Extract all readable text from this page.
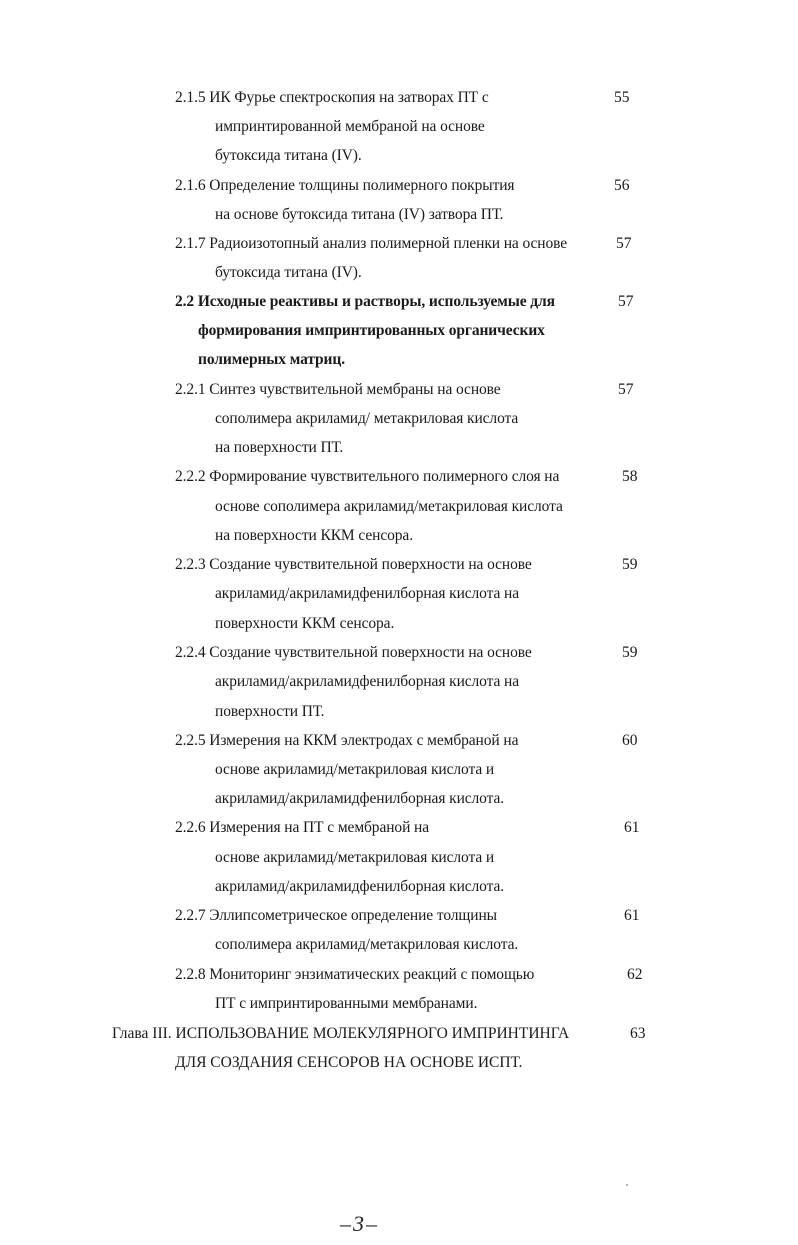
2.1.5 ИК Фурье спектроскопия на затворах ПТ с
импринтированной мембраной на основе
бутоксида титана (IV).
55
2.1.6 Определение толщины полимерного покрытия
на основе бутоксида титана (IV) затвора ПТ.
56
2.1.7 Радиоизотопный анализ полимерной пленки на основе
бутоксида титана (IV).
57
2.2 Исходные реактивы и растворы, используемые для
формирования импринтированных органических
полимерных матриц.
57
2.2.1 Синтез чувствительной мембраны на основе
сополимера акриламид/ метакриловая кислота
на поверхности ПТ.
57
2.2.2 Формирование чувствительного полимерного слоя на
основе сополимера акриламид/метакриловая кислота
на поверхности ККМ сенсора.
58
2.2.3 Создание чувствительной поверхности на основе
акриламид/акриламидфенилборная кислота на
поверхности ККМ сенсора.
59
2.2.4 Создание чувствительной поверхности на основе
акриламид/акриламидфенилборная кислота на
поверхности ПТ.
59
2.2.5 Измерения на ККМ электродах с мембраной на
основе акриламид/метакриловая кислота и
акриламид/акриламидфенилборная кислота.
60
2.2.6 Измерения на ПТ с мембраной на
основе акриламид/метакриловая кислота и
акриламид/акриламидфенилборная кислота.
61
2.2.7 Эллипсометрическое определение толщины
сополимера акриламид/метакриловая кислота.
61
2.2.8 Мониторинг энзиматических реакций с помощью
ПТ с импринтированными мембранами.
62
Глава III. ИСПОЛЬЗОВАНИЕ МОЛЕКУЛЯРНОГО ИМПРИНТИНГА
ДЛЯ СОЗДАНИЯ СЕНСОРОВ НА ОСНОВЕ ИСПТ.
63
–3–
